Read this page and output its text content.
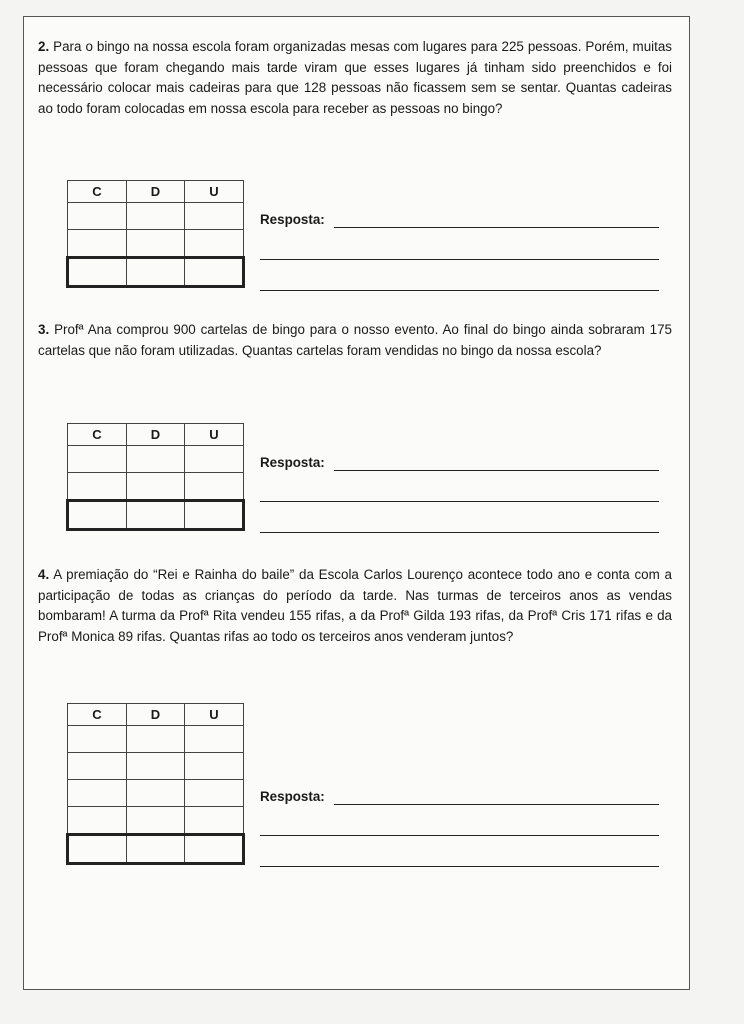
2. Para o bingo na nossa escola foram organizadas mesas com lugares para 225 pessoas. Porém, muitas pessoas que foram chegando mais tarde viram que esses lugares já tinham sido preenchidos e foi necessário colocar mais cadeiras para que 128 pessoas não ficassem sem se sentar. Quantas cadeiras ao todo foram colocadas em nossa escola para receber as pessoas no bingo?

C	D	U

Resposta:

3. Profª Ana comprou 900 cartelas de bingo para o nosso evento. Ao final do bingo ainda sobraram 175 cartelas que não foram utilizadas. Quantas cartelas foram vendidas no bingo da nossa escola?

C	D	U

Resposta:

4. A premiação do “Rei e Rainha do baile” da Escola Carlos Lourenço acontece todo ano e conta com a participação de todas as crianças do período da tarde. Nas turmas de terceiros anos as vendas bombaram! A turma da Profª Rita vendeu 155 rifas, a da Profª Gilda 193 rifas, da Profª Cris 171 rifas e da Profª Monica 89 rifas. Quantas rifas ao todo os terceiros anos venderam juntos?

C	D	U

Resposta:
